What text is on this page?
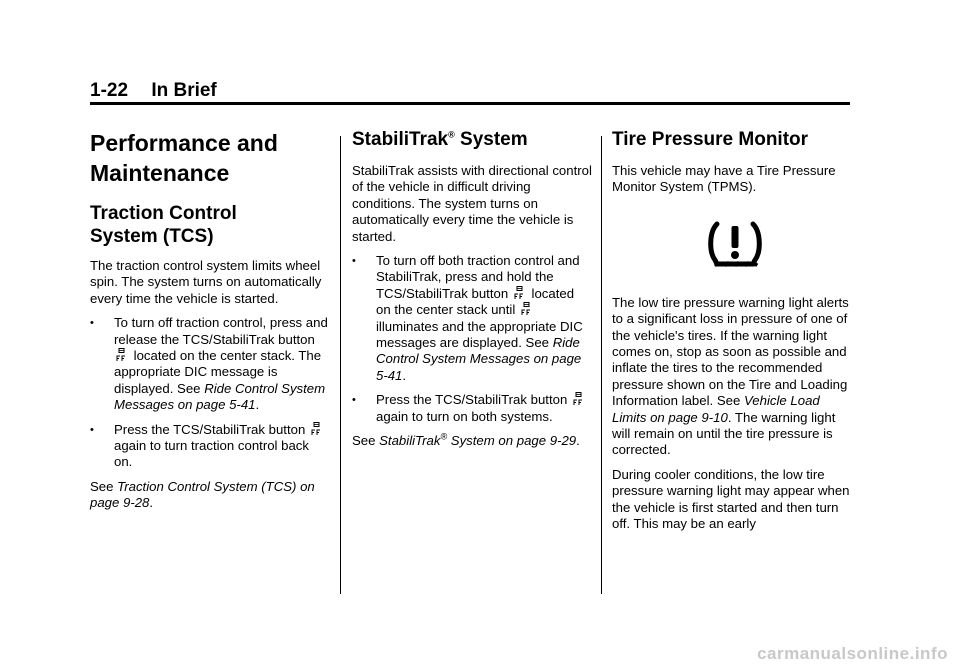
1-22 In Brief
Performance and
Maintenance
Traction Control
System (TCS)

The traction control system limits wheel spin. The system turns on automatically every time the vehicle is started.

• To turn off traction control, press and release the TCS/StabiliTrak button  located on the center stack. The appropriate DIC message is displayed. See Ride Control System Messages on page 5-41.
• Press the TCS/StabiliTrak button  again to turn traction control back on.

See Traction Control System (TCS) on page 9-28.

StabiliTrak® System

StabiliTrak assists with directional control of the vehicle in difficult driving conditions. The system turns on automatically every time the vehicle is started.

• To turn off both traction control and StabiliTrak, press and hold the TCS/StabiliTrak button located on the center stack until  illuminates and the appropriate DIC messages are displayed. See Ride Control System Messages on page 5-41.
• Press the TCS/StabiliTrak button  again to turn on both systems.

See StabiliTrak® System on page 9-29.

Tire Pressure Monitor

This vehicle may have a Tire Pressure Monitor System (TPMS).

The low tire pressure warning light alerts to a significant loss in pressure of one of the vehicle's tires. If the warning light comes on, stop as soon as possible and inflate the tires to the recommended pressure shown on the Tire and Loading Information label. See Vehicle Load Limits on page 9-10. The warning light will remain on until the tire pressure is corrected.

During cooler conditions, the low tire pressure warning light may appear when the vehicle is first started and then turn off. This may be an early

carmanualsonline.info
